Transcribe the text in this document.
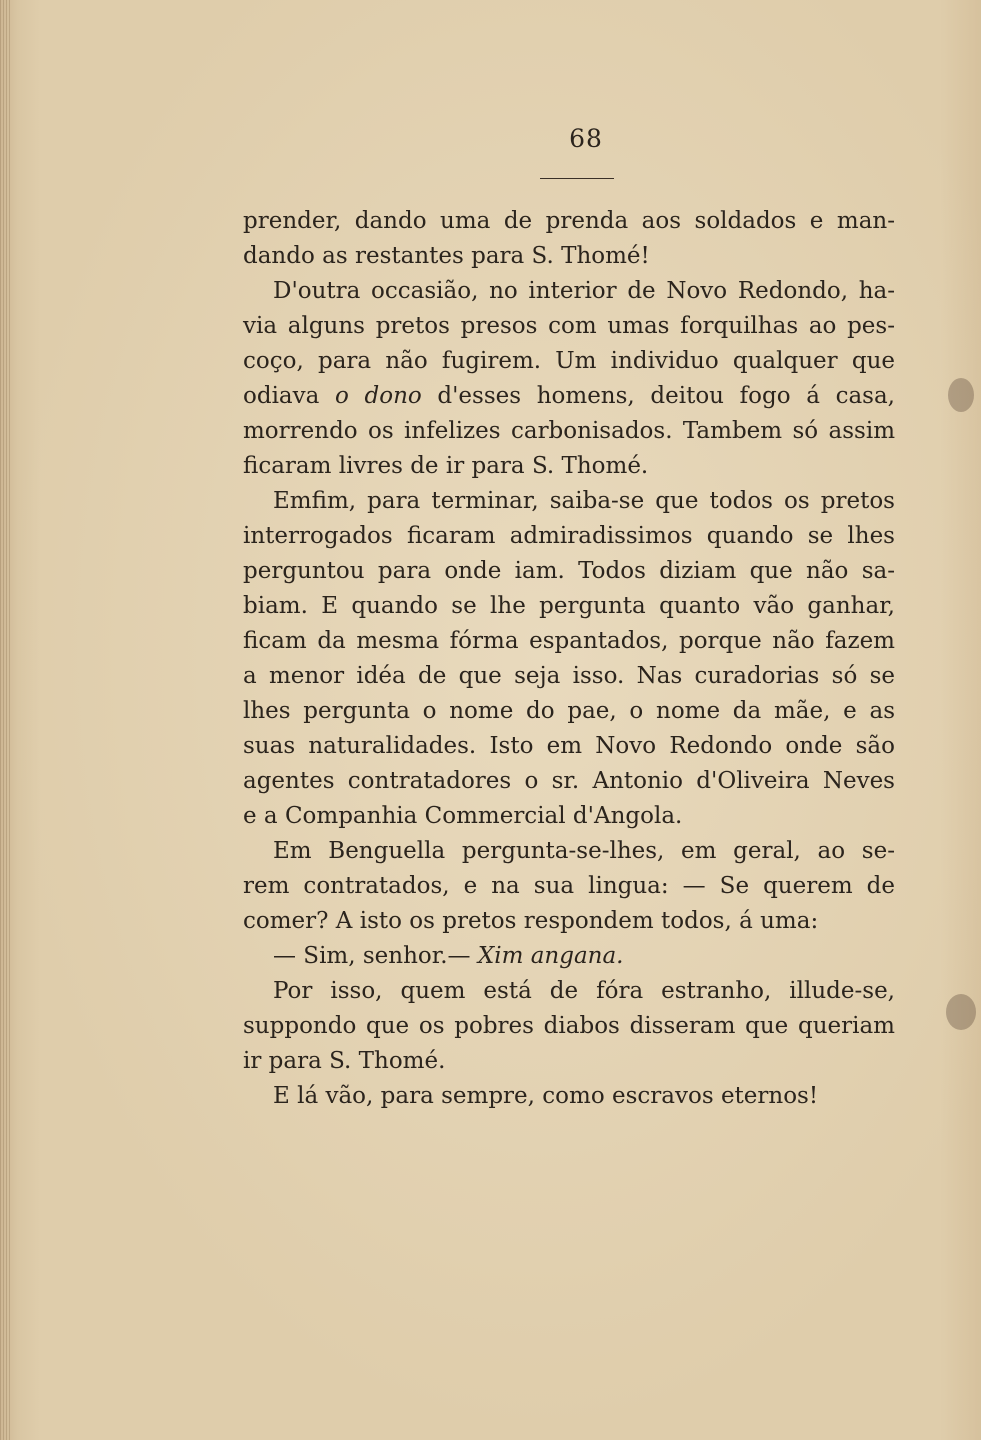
68
prender, dando uma de prenda aos soldados e man-
dando as restantes para S. Thomé!
D'outra occasião, no interior de Novo Redondo, ha-
via alguns pretos presos com umas forquilhas ao pes-
coço, para não fugirem. Um individuo qualquer que
odiava o dono d'esses homens, deitou fogo á casa,
morrendo os infelizes carbonisados. Tambem só assim
ficaram livres de ir para S. Thomé.
Emfim, para terminar, saiba-se que todos os pretos
interrogados ficaram admiradissimos quando se lhes
perguntou para onde iam. Todos diziam que não sa-
biam. E quando se lhe pergunta quanto vão ganhar,
ficam da mesma fórma espantados, porque não fazem
a menor idéa de que seja isso. Nas curadorias só se
lhes pergunta o nome do pae, o nome da mãe, e as
suas naturalidades. Isto em Novo Redondo onde são
agentes contratadores o sr. Antonio d'Oliveira Neves
e a Companhia Commercial d'Angola.
Em Benguella pergunta-se-lhes, em geral, ao se-
rem contratados, e na sua lingua: — Se querem de
comer? A isto os pretos respondem todos, á uma:
— Sim, senhor.— Xim angana.
Por isso, quem está de fóra estranho, illude-se,
suppondo que os pobres diabos disseram que queriam
ir para S. Thomé.
E lá vão, para sempre, como escravos eternos!
